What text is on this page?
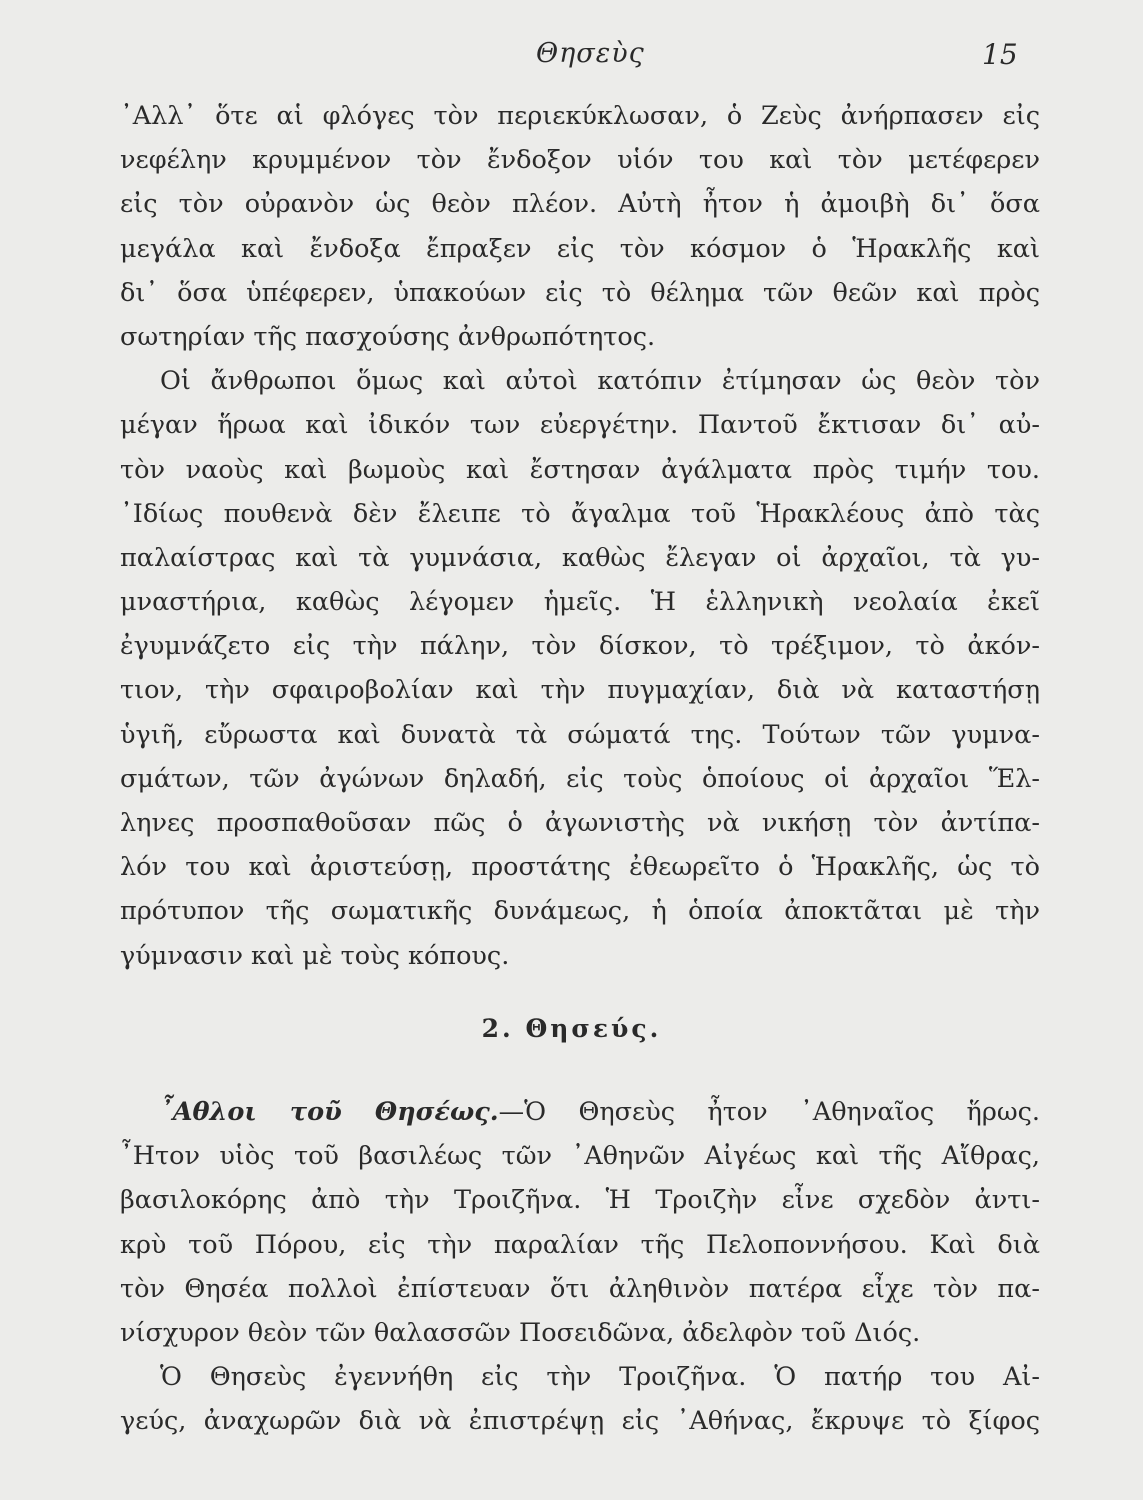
Θησεὺς	15
᾿Αλλ᾿ ὅτε αἱ φλόγες τὸν περιεκύκλωσαν, ὁ Ζεὺς ἀνήρπασεν εἰς
νεφέλην κρυμμένον τὸν ἔνδοξον υἱόν του καὶ τὸν μετέφερεν
εἰς τὸν οὐρανὸν ὡς θεὸν πλέον. Αὐτὴ ἦτον ἡ ἀμοιβὴ δι᾿ ὅσα
μεγάλα καὶ ἔνδοξα ἔπραξεν εἰς τὸν κόσμον ὁ Ἡρακλῆς καὶ
δι᾿ ὅσα ὑπέφερεν, ὑπακούων εἰς τὸ θέλημα τῶν θεῶν καὶ πρὸς
σωτηρίαν τῆς πασχούσης ἀνθρωπότητος.
Οἱ ἄνθρωποι ὅμως καὶ αὐτοὶ κατόπιν ἐτίμησαν ὡς θεὸν τὸν
μέγαν ἥρωα καὶ ἰδικόν των εὐεργέτην. Παντοῦ ἔκτισαν δι᾿ αὐ-
τὸν ναοὺς καὶ βωμοὺς καὶ ἔστησαν ἀγάλματα πρὸς τιμήν του.
᾿Ιδίως πουθενὰ δὲν ἔλειπε τὸ ἄγαλμα τοῦ Ἡρακλέους ἀπὸ τὰς
παλαίστρας καὶ τὰ γυμνάσια, καθὼς ἔλεγαν οἱ ἀρχαῖοι, τὰ γυ-
μναστήρια, καθὼς λέγομεν ἡμεῖς. Ἡ ἑλληνικὴ νεολαία ἐκεῖ
ἐγυμνάζετο εἰς τὴν πάλην, τὸν δίσκον, τὸ τρέξιμον, τὸ ἀκόν-
τιον, τὴν σφαιροβολίαν καὶ τὴν πυγμαχίαν, διὰ νὰ καταστήσῃ
ὑγιῆ, εὔρωστα καὶ δυνατὰ τὰ σώματά της. Τούτων τῶν γυμνα-
σμάτων, τῶν ἀγώνων δηλαδή, εἰς τοὺς ὁποίους οἱ ἀρχαῖοι Ἕλ-
ληνες προσπαθοῦσαν πῶς ὁ ἀγωνιστὴς νὰ νικήσῃ τὸν ἀντίπα-
λόν του καὶ ἀριστεύσῃ, προστάτης ἐθεωρεῖτο ὁ Ἡρακλῆς, ὡς τὸ
πρότυπον τῆς σωματικῆς δυνάμεως, ἡ ὁποία ἀποκτᾶται μὲ τὴν
γύμνασιν καὶ μὲ τοὺς κόπους.
2. Θησεύς.
῏Αθλοι τοῦ Θησέως.—Ὁ Θησεὺς ἦτον ᾿Αθηναῖος ἥρως.
῏Ητον υἱὸς τοῦ βασιλέως τῶν ᾿Αθηνῶν Αἰγέως καὶ τῆς Αἴθρας,
βασιλοκόρης ἀπὸ τὴν Τροιζῆνα. Ἡ Τροιζὴν εἶνε σχεδὸν ἀντι-
κρὺ τοῦ Πόρου, εἰς τὴν παραλίαν τῆς Πελοποννήσου. Καὶ διὰ
τὸν Θησέα πολλοὶ ἐπίστευαν ὅτι ἀληθινὸν πατέρα εἶχε τὸν πα-
νίσχυρον θεὸν τῶν θαλασσῶν Ποσειδῶνα, ἀδελφὸν τοῦ Διός.
Ὁ Θησεὺς ἐγεννήθη εἰς τὴν Τροιζῆνα. Ὁ πατήρ του Αἰ-
γεύς, ἀναχωρῶν διὰ νὰ ἐπιστρέψῃ εἰς ᾿Αθήνας, ἔκρυψε τὸ ξίφος
